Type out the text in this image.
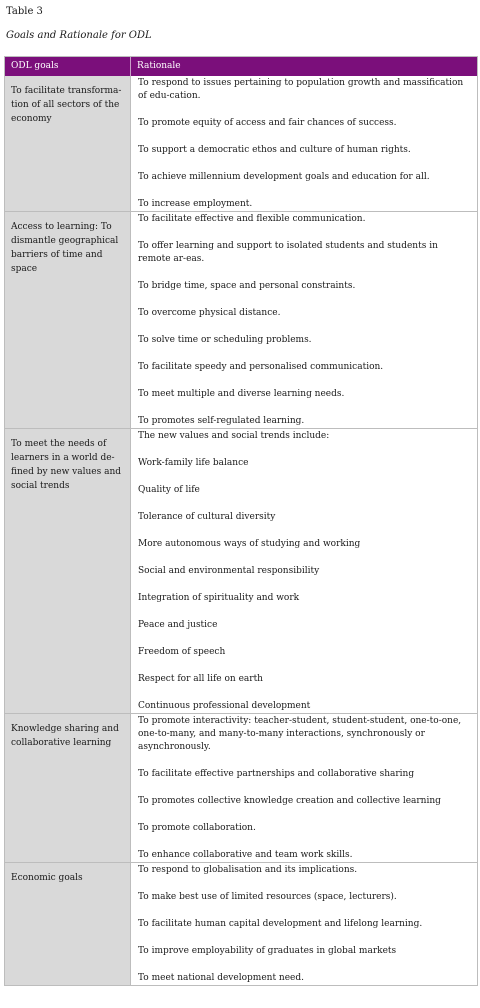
Table 3
Goals and Rationale for ODL
ODL goals	Rationale
To facilitate transforma-tion of all sectors of the economy
To respond to issues pertaining to population growth and massification of edu-cation.
To promote equity of access and fair chances of success.
To support a democratic ethos and culture of human rights.
To achieve millennium development goals and education for all.
To increase employment.
Access to learning: To dismantle geographical barriers of time and space
To facilitate effective and flexible communication.
To offer learning and support to isolated students and students in remote ar-eas.
To bridge time, space and personal constraints.
To overcome physical distance.
To solve time or scheduling problems.
To facilitate speedy and personalised communication.
To meet multiple and diverse learning needs.
To promotes self-regulated learning.
To meet the needs of learners in a world de-fined by new values and social trends
The new values and social trends include:
Work-family life balance
Quality of life
Tolerance of cultural diversity
More autonomous ways of studying and working
Social and environmental responsibility
Integration of spirituality and work
Peace and justice
Freedom of speech
Respect for all life on earth
Continuous professional development
Knowledge sharing and collaborative learning
To promote interactivity: teacher-student, student-student, one-to-one, one-to-many, and many-to-many interactions, synchronously or asynchronously.
To facilitate effective partnerships and collaborative sharing
To promotes collective knowledge creation and collective learning
To promote collaboration.
To enhance collaborative and team work skills.
Economic goals
To respond to globalisation and its implications.
To make best use of limited resources (space, lecturers).
To facilitate human capital development and lifelong learning.
To improve employability of graduates in global markets
To meet national development need.
